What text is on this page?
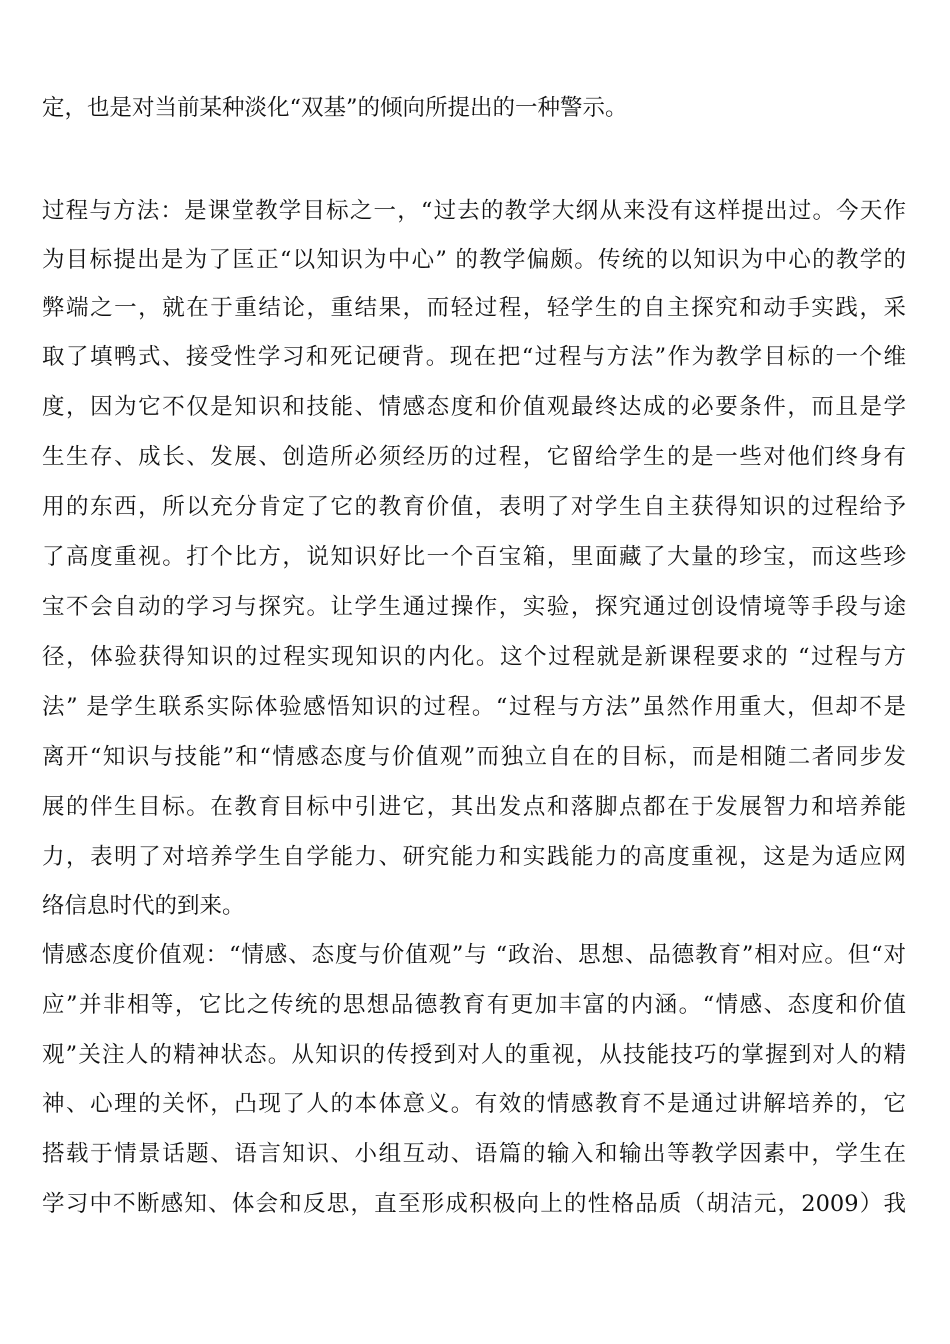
定，也是对当前某种淡化“双基”的倾向所提出的一种警示。
过程与方法：是课堂教学目标之一，“过去的教学大纲从来没有这样提出过。今天作
为目标提出是为了匡正“以知识为中心” 的教学偏颇。传统的以知识为中心的教学的
弊端之一，就在于重结论，重结果，而轻过程，轻学生的自主探究和动手实践，采
取了填鸭式、接受性学习和死记硬背。现在把“过程与方法”作为教学目标的一个维
度，因为它不仅是知识和技能、情感态度和价值观最终达成的必要条件，而且是学
生生存、成长、发展、创造所必须经历的过程，它留给学生的是一些对他们终身有
用的东西，所以充分肯定了它的教育价值，表明了对学生自主获得知识的过程给予
了高度重视。打个比方，说知识好比一个百宝箱，里面藏了大量的珍宝，而这些珍
宝不会自动的学习与探究。让学生通过操作，实验，探究通过创设情境等手段与途
径，体验获得知识的过程实现知识的内化。这个过程就是新课程要求的 “过程与方
法” 是学生联系实际体验感悟知识的过程。“过程与方法”虽然作用重大，但却不是
离开“知识与技能”和“情感态度与价值观”而独立自在的目标，而是相随二者同步发
展的伴生目标。在教育目标中引进它，其出发点和落脚点都在于发展智力和培养能
力，表明了对培养学生自学能力、研究能力和实践能力的高度重视，这是为适应网
络信息时代的到来。
情感态度价值观：“情感、态度与价值观”与 “政治、思想、品德教育”相对应。但“对
应”并非相等，它比之传统的思想品德教育有更加丰富的内涵。“情感、态度和价值
观”关注人的精神状态。从知识的传授到对人的重视，从技能技巧的掌握到对人的精
神、心理的关怀，凸现了人的本体意义。有效的情感教育不是通过讲解培养的，它
搭载于情景话题、语言知识、小组互动、语篇的输入和输出等教学因素中，学生在
学习中不断感知、体会和反思，直至形成积极向上的性格品质（胡洁元，2009）我
